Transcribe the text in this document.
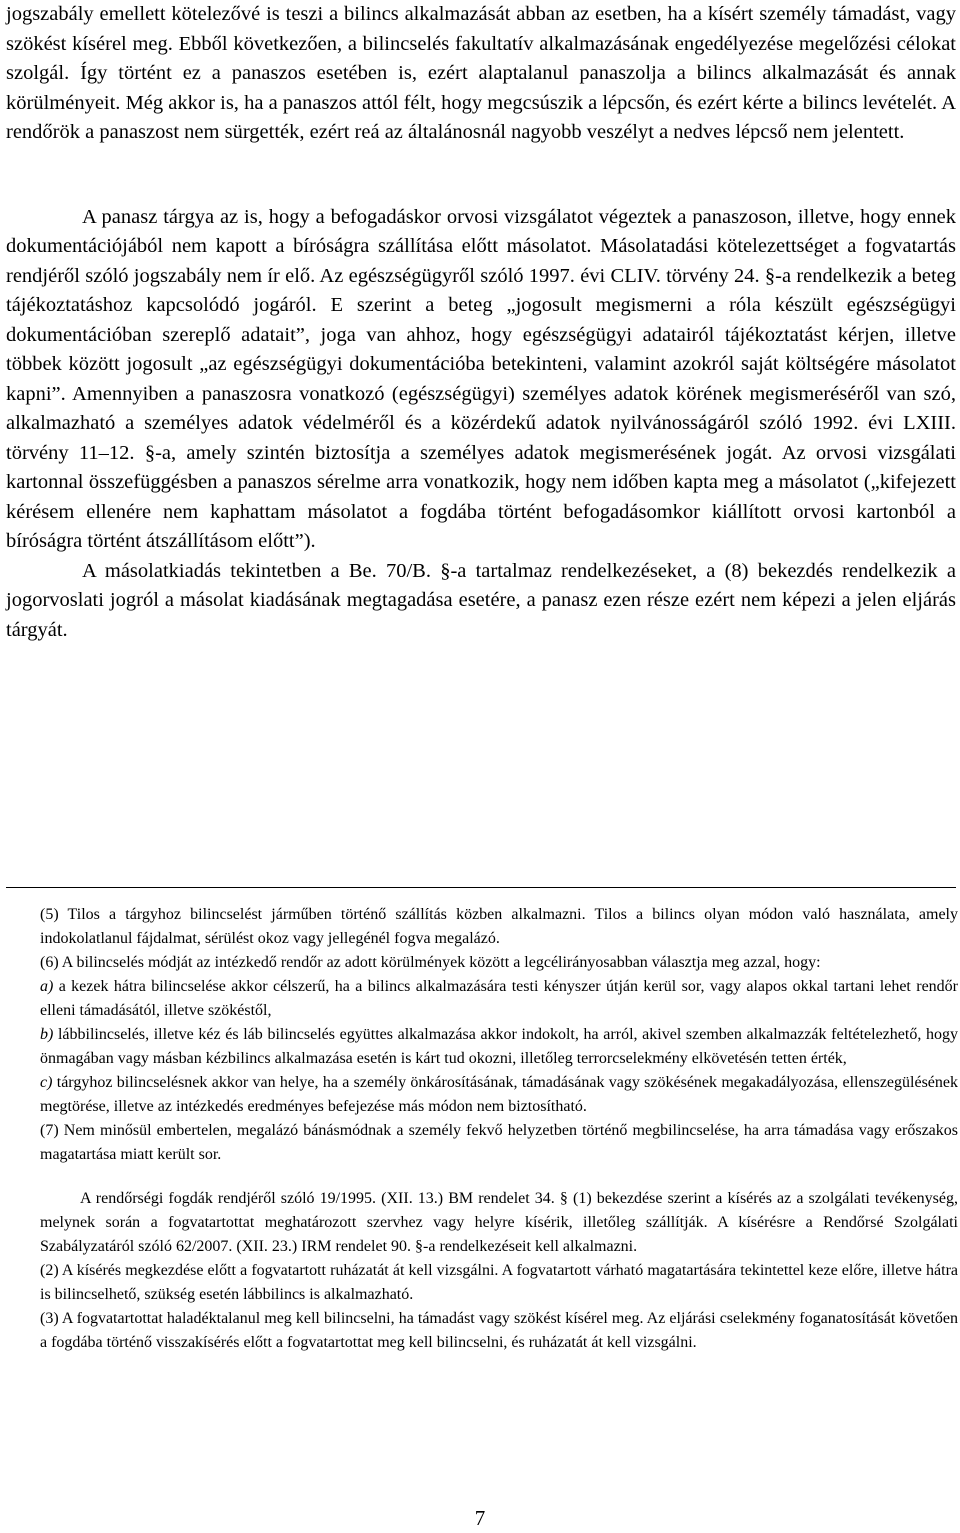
jogszabály emellett kötelezővé is teszi a bilincs alkalmazását abban az esetben, ha a kísért személy támadást, vagy szökést kísérel meg. Ebből következően, a bilincselés fakultatív alkalmazásának engedélyezése megelőzési célokat szolgál. Így történt ez a panaszos esetében is, ezért alaptalanul panaszolja a bilincs alkalmazását és annak körülményeit. Még akkor is, ha a panaszos attól félt, hogy megcsúszik a lépcsőn, és ezért kérte a bilincs levételét. A rendőrök a panaszost nem sürgették, ezért reá az általánosnál nagyobb veszélyt a nedves lépcső nem jelentett.

A panasz tárgya az is, hogy a befogadáskor orvosi vizsgálatot végeztek a panaszoson, illetve, hogy ennek dokumentációjából nem kapott a bíróságra szállítása előtt másolatot. Másolatadási kötelezettséget a fogvatartás rendjéről szóló jogszabály nem ír elő. Az egészségügyről szóló 1997. évi CLIV. törvény 24. §-a rendelkezik a beteg tájékoztatáshoz kapcsolódó jogáról. E szerint a beteg „jogosult megismerni a róla készült egészségügyi dokumentációban szereplő adatait”, joga van ahhoz, hogy egészségügyi adatairól tájékoztatást kérjen, illetve többek között jogosult „az egészségügyi dokumentációba betekinteni, valamint azokról saját költségére másolatot kapni”. Amennyiben a panaszosra vonatkozó (egészségügyi) személyes adatok körének megismeréséről van szó, alkalmazható a személyes adatok védelméről és a közérdekű adatok nyilvánosságáról szóló 1992. évi LXIII. törvény 11–12. §-a, amely szintén biztosítja a személyes adatok megismerésének jogát. Az orvosi vizsgálati kartonnal összefüggésben a panaszos sérelme arra vonatkozik, hogy nem időben kapta meg a másolatot („kifejezett kérésem ellenére nem kaphattam másolatot a fogdába történt befogadásomkor kiállított orvosi kartonból a bíróságra történt átszállításom előtt”).

A másolatkiadás tekintetben a Be. 70/B. §-a tartalmaz rendelkezéseket, a (8) bekezdés rendelkezik a jogorvoslati jogról a másolat kiadásának megtagadása esetére, a panasz ezen része ezért nem képezi a jelen eljárás tárgyát.

(5) Tilos a tárgyhoz bilincselést járműben történő szállítás közben alkalmazni. Tilos a bilincs olyan módon való használata, amely indokolatlanul fájdalmat, sérülést okoz vagy jellegénél fogva megalázó.

(6) A bilincselés módját az intézkedő rendőr az adott körülmények között a legcélirányosabban választja meg azzal, hogy:

a) a kezek hátra bilincselése akkor célszerű, ha a bilincs alkalmazására testi kényszer útján kerül sor, vagy alapos okkal tartani lehet rendőr elleni támadásától, illetve szökéstől,

b) lábbilincselés, illetve kéz és láb bilincselés együttes alkalmazása akkor indokolt, ha arról, akivel szemben alkalmazzák feltételezhető, hogy önmagában vagy másban kézbilincs alkalmazása esetén is kárt tud okozni, illetőleg terrorcselekmény elkövetésén tetten érték,

c) tárgyhoz bilincselésnek akkor van helye, ha a személy önkárosításának, támadásának vagy szökésének megakadályozása, ellenszegülésének megtörése, illetve az intézkedés eredményes befejezése más módon nem biztosítható.

(7) Nem minősül embertelen, megalázó bánásmódnak a személy fekvő helyzetben történő megbilincselése, ha arra támadása vagy erőszakos magatartása miatt került sor.

A rendőrségi fogdák rendjéről szóló 19/1995. (XII. 13.) BM rendelet 34. § (1) bekezdése szerint a kísérés az a szolgálati tevékenység, melynek során a fogvatartottat meghatározott szervhez vagy helyre kísérik, illetőleg szállítják. A kísérésre a Rendőrsé Szolgálati Szabályzatáról szóló 62/2007. (XII. 23.) IRM rendelet 90. §-a rendelkezéseit kell alkalmazni.

(2) A kísérés megkezdése előtt a fogvatartott ruházatát át kell vizsgálni. A fogvatartott várható magatartására tekintettel keze előre, illetve hátra is bilincselhető, szükség esetén lábbilincs is alkalmazható.

(3) A fogvatartottat haladéktalanul meg kell bilincselni, ha támadást vagy szökést kísérel meg. Az eljárási cselekmény foganatosítását követően a fogdába történő visszakísérés előtt a fogvatartottat meg kell bilincselni, és ruházatát át kell vizsgálni.

7
